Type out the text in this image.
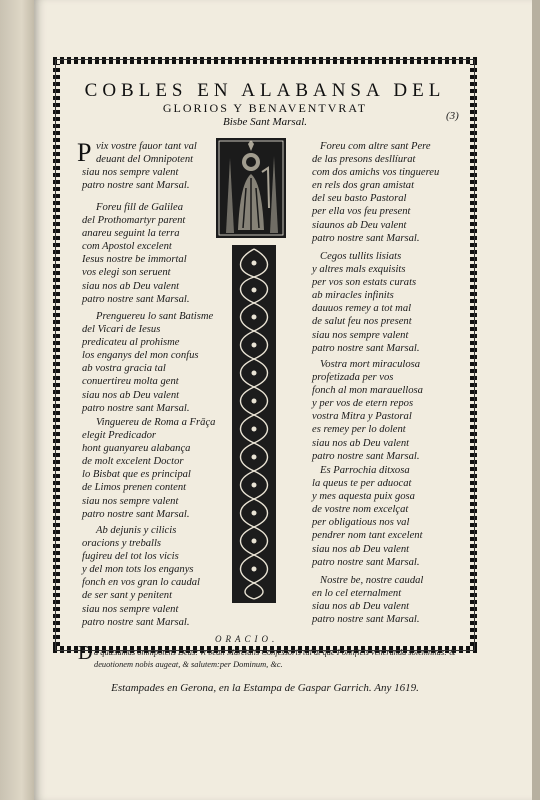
COBLES EN ALABANSA DEL
GLORIOS Y BENAVENTVRAT
Bisbe Sant Marsal.	(3)
P vix vostre fauor tant val
deuant del Omnipotent
siau nos sempre valent
patro nostre sant Marsal.
Foreu fill de Galilea
del Prothomartyr parent
anareu seguint la terra
com Apostol excelent
Iesus nostre be immortal
vos elegi son seruent
siau nos ab Deu valent
patro nostre sant Marsal.
Prenguereu lo sant Batisme
del Vicari de Iesus
predicateu al prohisme
los enganys del mon confus
ab vostra gracia tal
conuertireu molta gent
siau nos ab Deu valent
patro nostre sant Marsal.
Vinguereu de Roma a Frāça
elegit Predicador
hont guanyareu alabança
de molt excelent Doctor
lo Bisbat que es principal
de Limos prenen content
siau nos sempre valent
patro nostre sant Marsal.
Ab dejunis y cilicis
oracions y treballs
fugireu del tot los vicis
y del mon tots los enganys
fonch en vos gran lo caudal
de ser sant y penitent
siau nos sempre valent
patro nostre sant Marsal.
Foreu com altre sant Pere
de las presons desllíurat
com dos amichs vos tinguereu
en rels dos gran amistat
del seu basto Pastoral
per ella vos feu present
siaunos ab Deu valent
patro nostre sant Marsal.
Cegos tullits lisiats
y altres mals exquisits
per vos son estats curats
ab miracles infinits
dauuos remey a tot mal
de salut feu nos present
siau nos sempre valent
patro nostre sant Marsal.
Vostra mort miraculosa
profetizada per vos
fonch al mon marauellosa
y per vos de etern repos
vostra Mitra y Pastoral
es remey per lo dolent
siau nos ab Deu valent
patro nostre sant Marsal.
Es Parrochia ditxosa
la queus te per aduocat
y mes aquesta puix gosa
de vostre nom excelçat
per obligatious nos val
pendrer nom tant excelent
siau nos ab Deu valent
patro nostre sant Marsal.
Nostre be, nostre caudal
en lo cel eternalment
siau nos ab Deu valent
patro nostre sant Marsal.
ORACIO.
D a quæsumus omnipotens Deus: vt beati Marcialis Confessoris tui at que Pontificis veneranda solemnitas: & deuotionem nobis augeat, & salutem:per Dominum, &c.

Estampades en Gerona, en la Estampa de Gaspar Garrich. Any 1619.
